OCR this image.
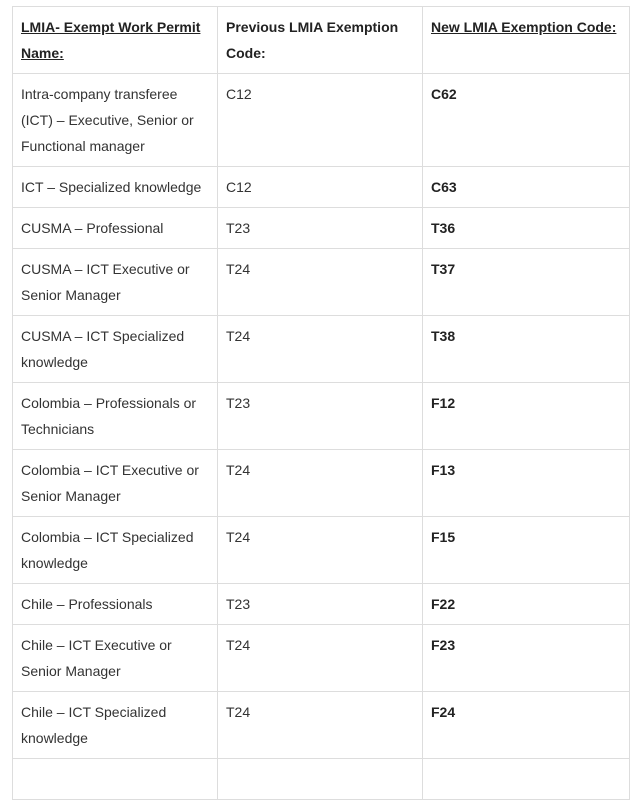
LMIA- Exempt Work Permit Name:	Previous LMIA Exemption Code:	New LMIA Exemption Code:
Intra-company transferee (ICT) – Executive, Senior or Functional manager	C12	C62
ICT – Specialized knowledge	C12	C63
CUSMA – Professional	T23	T36
CUSMA – ICT Executive or Senior Manager	T24	T37
CUSMA – ICT Specialized knowledge	T24	T38
Colombia – Professionals or Technicians	T23	F12
Colombia – ICT Executive or Senior Manager	T24	F13
Colombia – ICT Specialized knowledge	T24	F15
Chile – Professionals	T23	F22
Chile – ICT Executive or Senior Manager	T24	F23
Chile – ICT Specialized knowledge	T24	F24
